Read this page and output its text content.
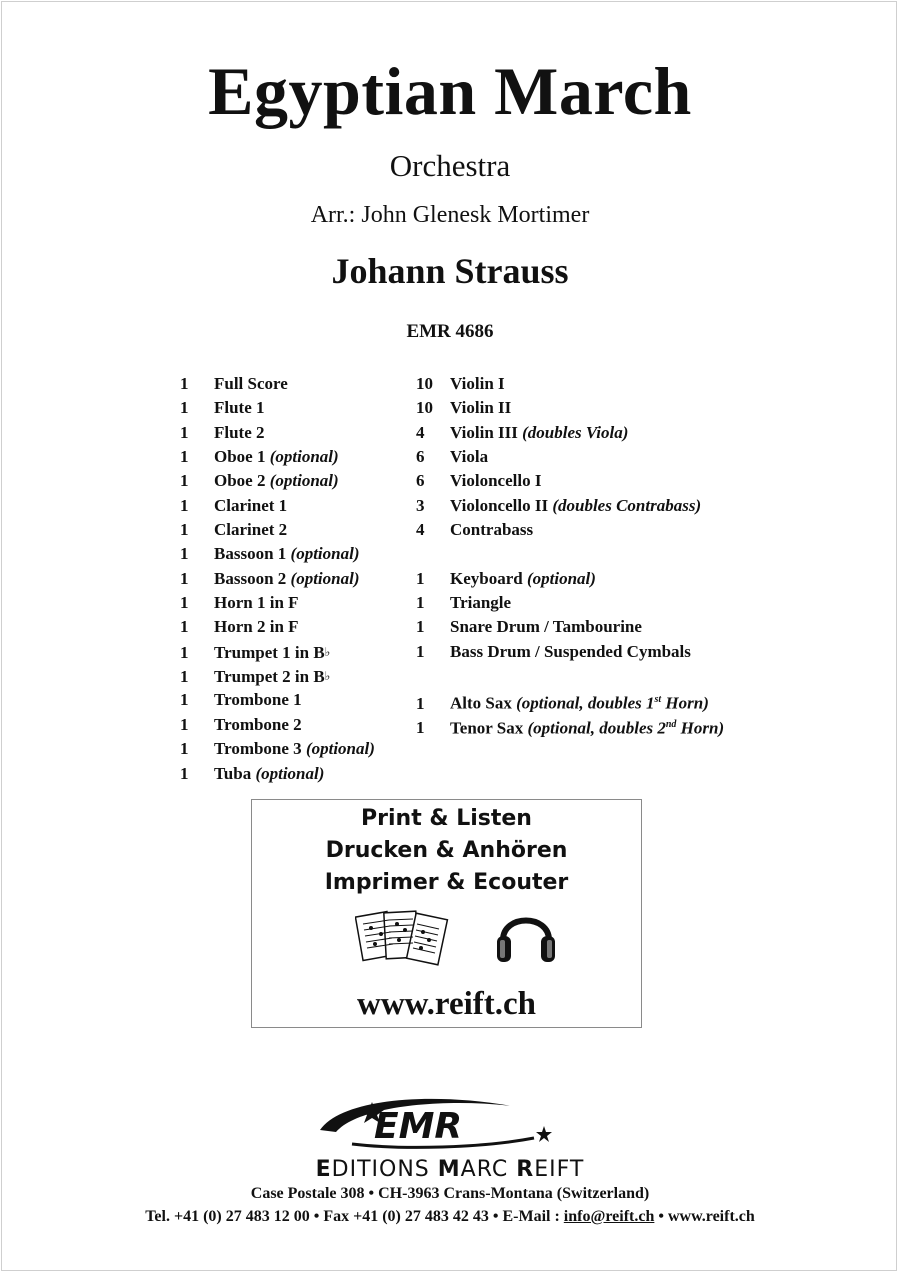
Egyptian March
Orchestra
Arr.: John Glenesk Mortimer
Johann Strauss
EMR 4686
1 Full Score
1 Flute 1
1 Flute 2
1 Oboe 1 (optional)
1 Oboe 2 (optional)
1 Clarinet 1
1 Clarinet 2
1 Bassoon 1 (optional)
1 Bassoon 2 (optional)
1 Horn 1 in F
1 Horn 2 in F
1 Trumpet 1 in B♭
1 Trumpet 2 in B♭
1 Trombone 1
1 Trombone 2
1 Trombone 3 (optional)
1 Tuba (optional)
10 Violin I
10 Violin II
4 Violin III (doubles Viola)
6 Viola
6 Violoncello I
3 Violoncello II (doubles Contrabass)
4 Contrabass
1 Keyboard (optional)
1 Triangle
1 Snare Drum / Tambourine
1 Bass Drum / Suspended Cymbals
1 Alto Sax (optional, doubles 1st Horn)
1 Tenor Sax (optional, doubles 2nd Horn)
Print & Listen
Drucken & Anhören
Imprimer & Ecouter
www.reift.ch
EMR
EDITIONS MARC REIFT
Case Postale 308 • CH-3963 Crans-Montana (Switzerland)
Tel. +41 (0) 27 483 12 00 • Fax +41 (0) 27 483 42 43 • E-Mail : info@reift.ch • www.reift.ch
